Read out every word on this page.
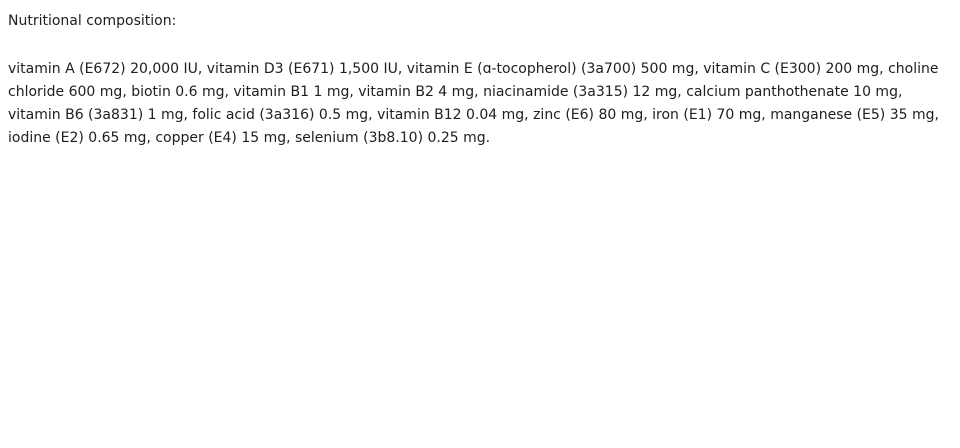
Nutritional composition:

vitamin A (E672) 20,000 IU, vitamin D3 (E671) 1,500 IU, vitamin E (ɑ-tocopherol) (3a700) 500 mg, vitamin C (E300) 200 mg, choline chloride 600 mg, biotin 0.6 mg, vitamin B1 1 mg, vitamin B2 4 mg, niacinamide (3a315) 12 mg, calcium panthothenate 10 mg, vitamin B6 (3a831) 1 mg, folic acid (3a316) 0.5 mg, vitamin B12 0.04 mg, zinc (E6) 80 mg, iron (E1) 70 mg, manganese (E5) 35 mg, iodine (E2) 0.65 mg, copper (E4) 15 mg, selenium (3b8.10) 0.25 mg.
